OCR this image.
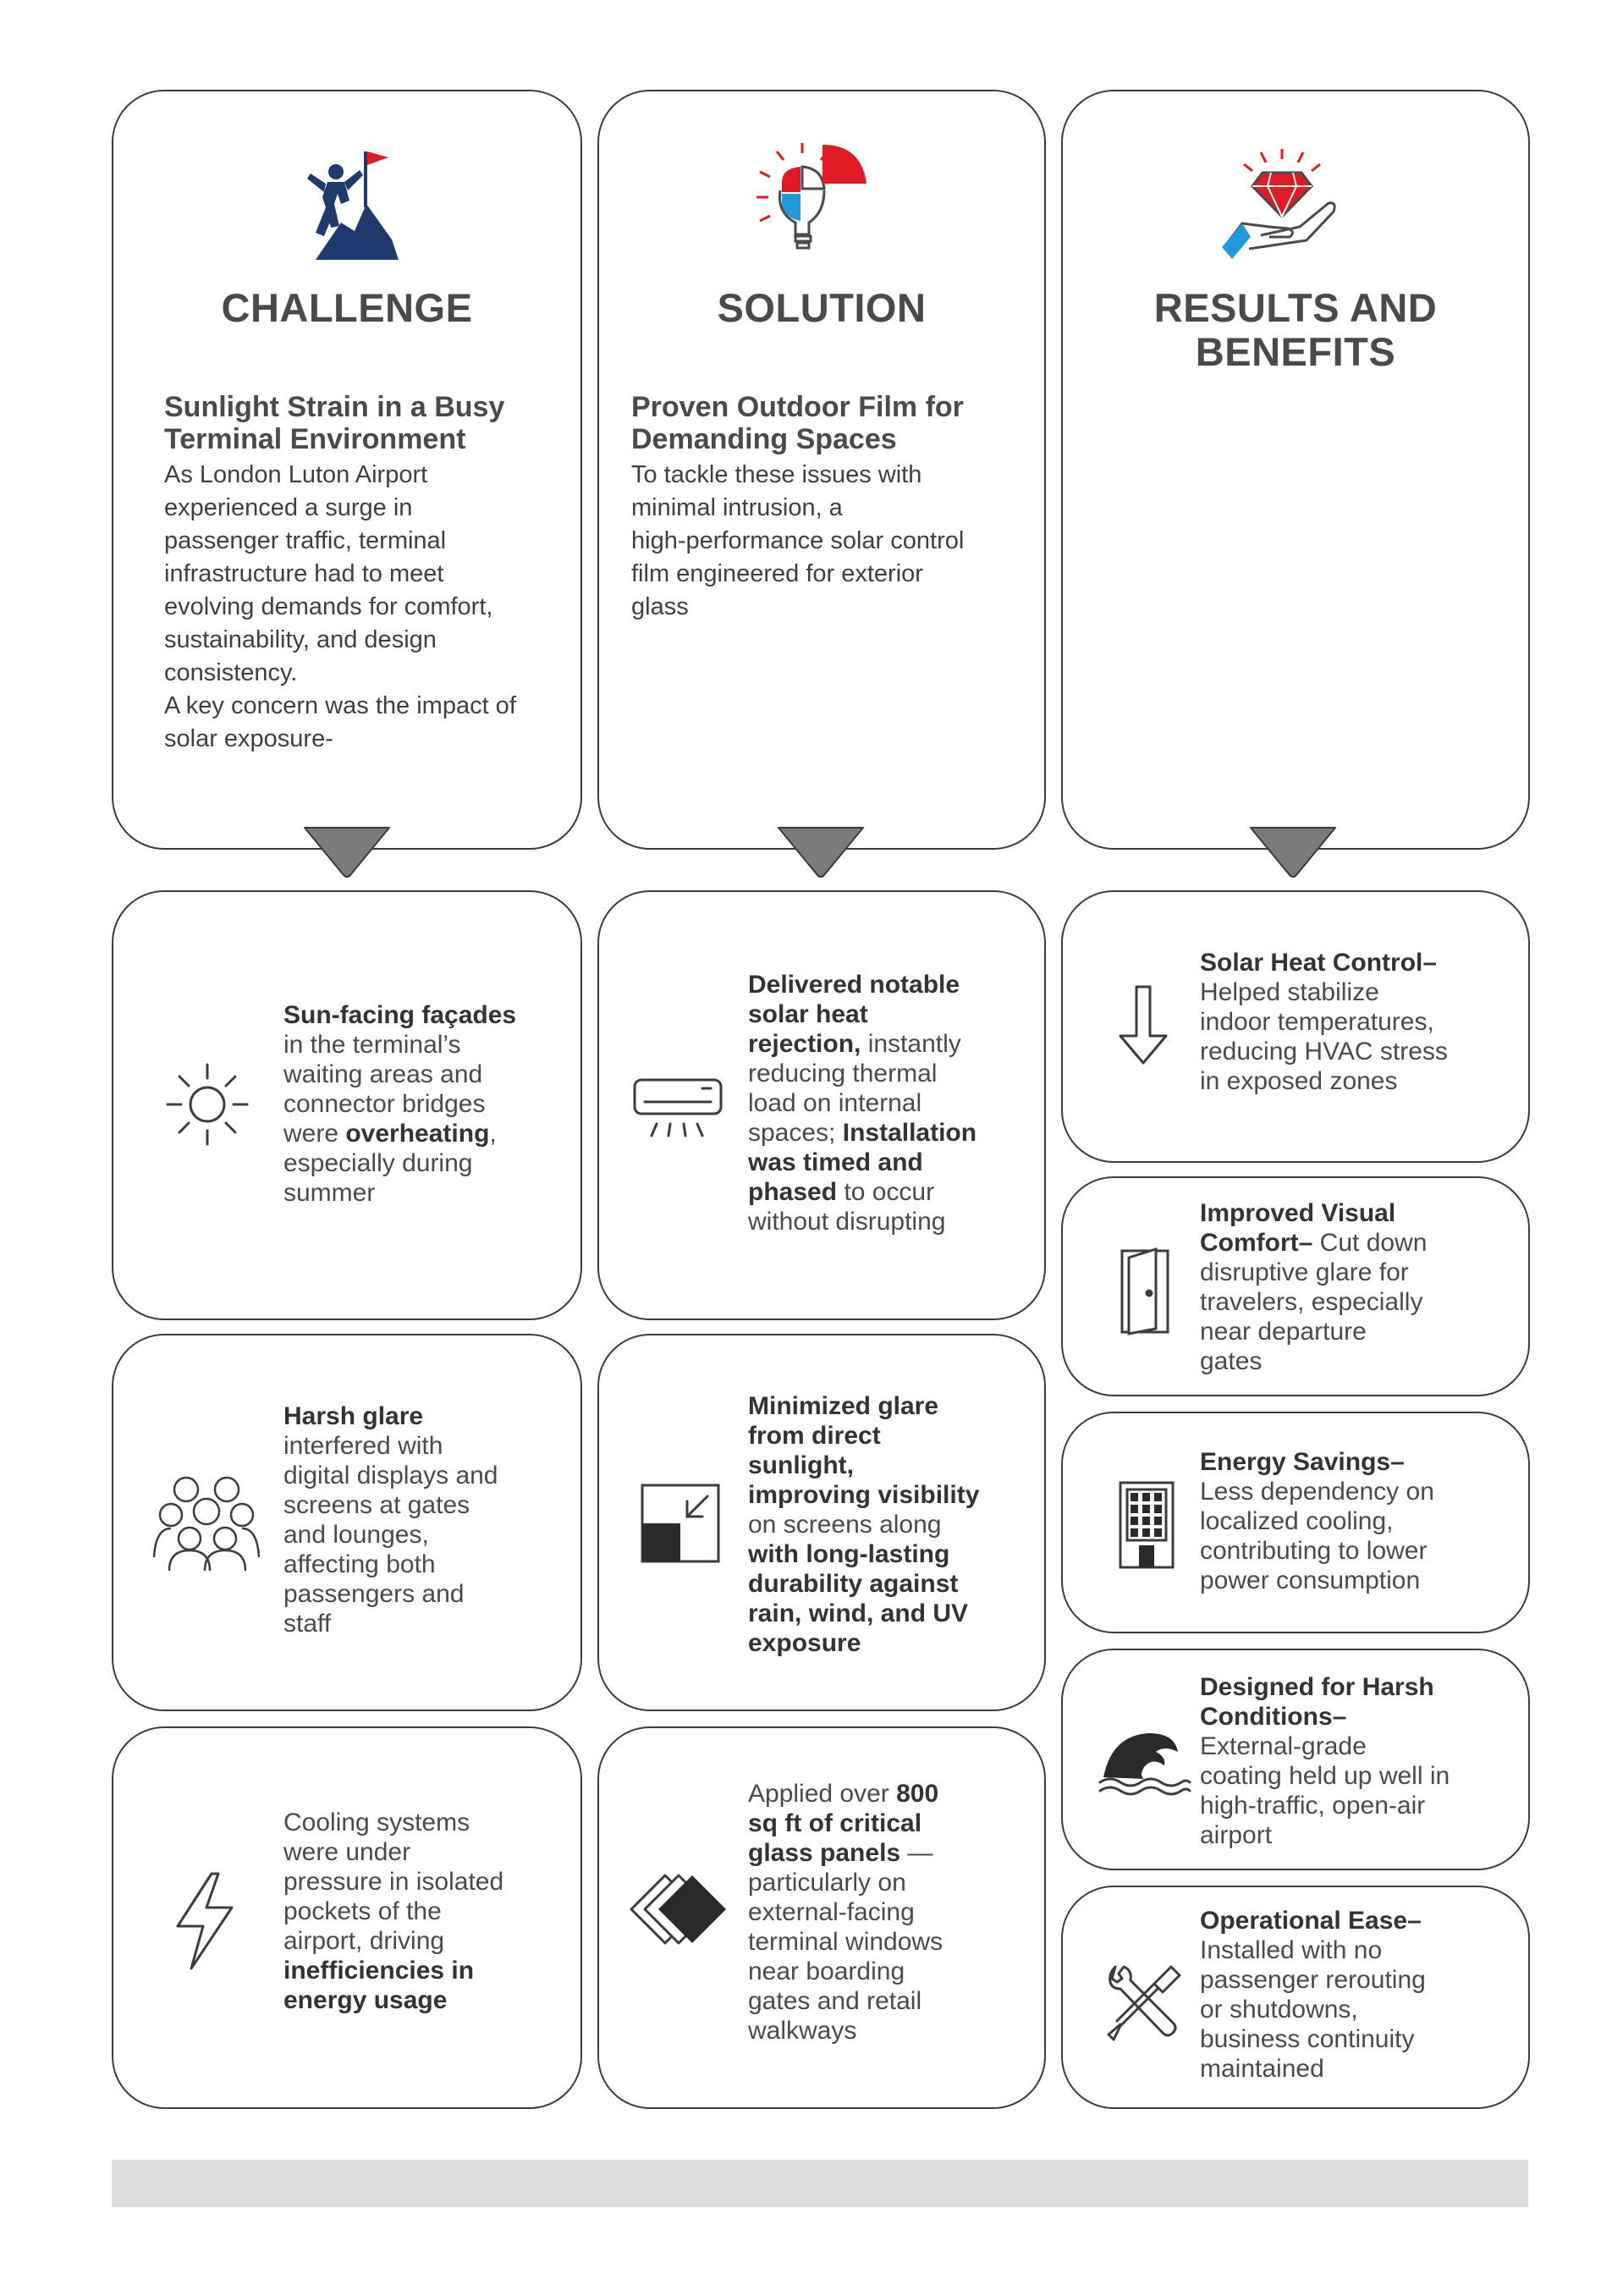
CHALLENGE	SOLUTION	RESULTS AND
BENEFITS
Sunlight Strain in a Busy
Terminal Environment
As London Luton Airport
experienced a surge in
passenger traffic, terminal
infrastructure had to meet
evolving demands for comfort,
sustainability, and design
consistency.
A key concern was the impact of
solar exposure-
Proven Outdoor Film for
Demanding Spaces
To tackle these issues with
minimal intrusion, a
high-performance solar control
film engineered for exterior
glass
Sun-facing façades
in the terminal’s
waiting areas and
connector bridges
were overheating,
especially during
summer
Harsh glare
interfered with
digital displays and
screens at gates
and lounges,
affecting both
passengers and
staff
Cooling systems
were under
pressure in isolated
pockets of the
airport, driving
inefficiencies in
energy usage
Delivered notable
solar heat
rejection, instantly
reducing thermal
load on internal
spaces; Installation
was timed and
phased to occur
without disrupting
Minimized glare
from direct
sunlight,
improving visibility
on screens along
with long-lasting
durability against
rain, wind, and UV
exposure
Applied over 800
sq ft of critical
glass panels —
particularly on
external-facing
terminal windows
near boarding
gates and retail
walkways
Solar Heat Control–
Helped stabilize
indoor temperatures,
reducing HVAC stress
in exposed zones
Improved Visual
Comfort– Cut down
disruptive glare for
travelers, especially
near departure
gates
Energy Savings–
Less dependency on
localized cooling,
contributing to lower
power consumption
Designed for Harsh
Conditions–
External-grade
coating held up well in
high-traffic, open-air
airport
Operational Ease–
Installed with no
passenger rerouting
or shutdowns,
business continuity
maintained
